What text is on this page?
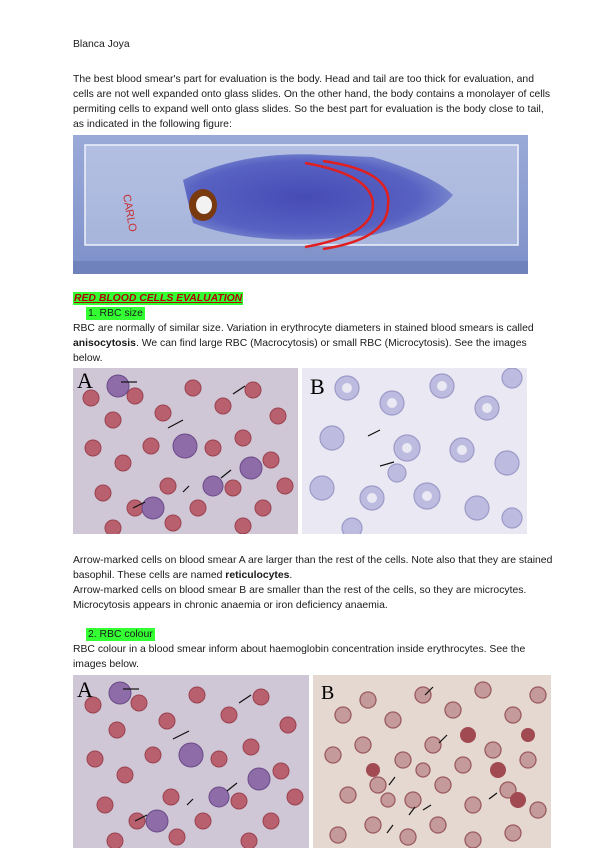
Blanca Joya
The best blood smear's part for evaluation is the body. Head and tail are too thick for evaluation, and cells are not well expanded onto glass slides. On the other hand, the body contains a monolayer of cells permiting cells to expand well onto glass slides. So the best part for evaluation is the body close to tail, as indicated in the following figure:
CARLO
RED BLOOD CELLS EVALUATION
1. RBC size
RBC are normally of similar size. Variation in erythrocyte diameters in stained blood smears is called anisocytosis. We can find large RBC (Macrocytosis) or small RBC (Microcytosis). See the images below.
A	B
Arrow-marked cells on blood smear A are larger than the rest of the cells. Note also that they are stained basophil. These cells are named reticulocytes.
Arrow-marked cells on blood smear B are smaller than the rest of the cells, so they are microcytes. Microcytosis appears in chronic anaemia or iron deficiency anaemia.
2. RBC colour
RBC colour in a blood smear inform about haemoglobin concentration inside erythrocytes. See the images below.
A	B
